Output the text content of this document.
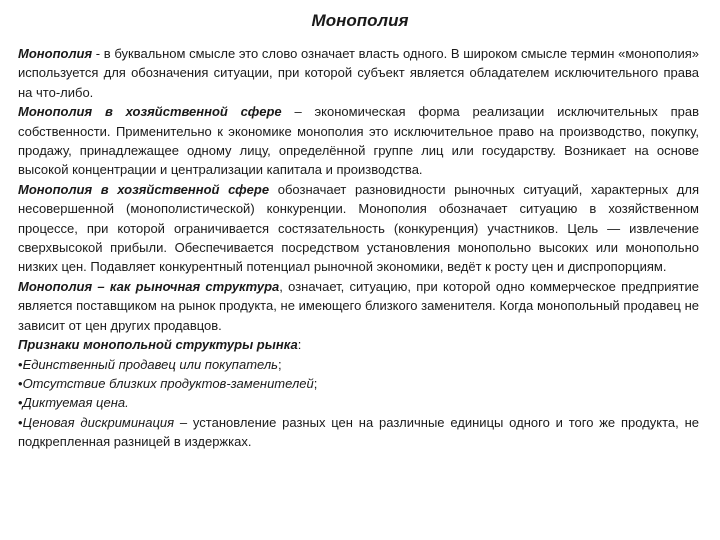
Монополия

Монополия - в буквальном смысле это слово означает власть одного. В широком смысле термин «монополия» используется для обозначения ситуации, при которой субъект является обладателем исключительного права на что-либо.

Монополия в хозяйственной сфере – экономическая форма реализации исключительных прав собственности. Применительно к экономике монополия это исключительное право на производство, покупку, продажу, принадлежащее одному лицу, определённой группе лиц или государству. Возникает на основе высокой концентрации и централизации капитала и производства.

Монополия в хозяйственной сфере обозначает разновидности рыночных ситуаций, характерных для несовершенной (монополистической) конкуренции. Монополия обозначает ситуацию в хозяйственном процессе, при которой ограничивается состязательность (конкуренция) участников. Цель — извлечение сверхвысокой прибыли. Обеспечивается посредством установления монопольно высоких или монопольно низких цен. Подавляет конкурентный потенциал рыночной экономики, ведёт к росту цен и диспропорциям.

Монополия – как рыночная структура, означает, ситуацию, при которой одно коммерческое предприятие является поставщиком на рынок продукта, не имеющего близкого заменителя. Когда монопольный продавец не зависит от цен других продавцов.

Признаки монопольной структуры рынка:

•Единственный продавец или покупатель;

•Отсутствие близких продуктов-заменителей;

•Диктуемая цена.

•Ценовая дискриминация – установление разных цен на различные единицы одного и того же продукта, не подкрепленная разницей в издержках.
